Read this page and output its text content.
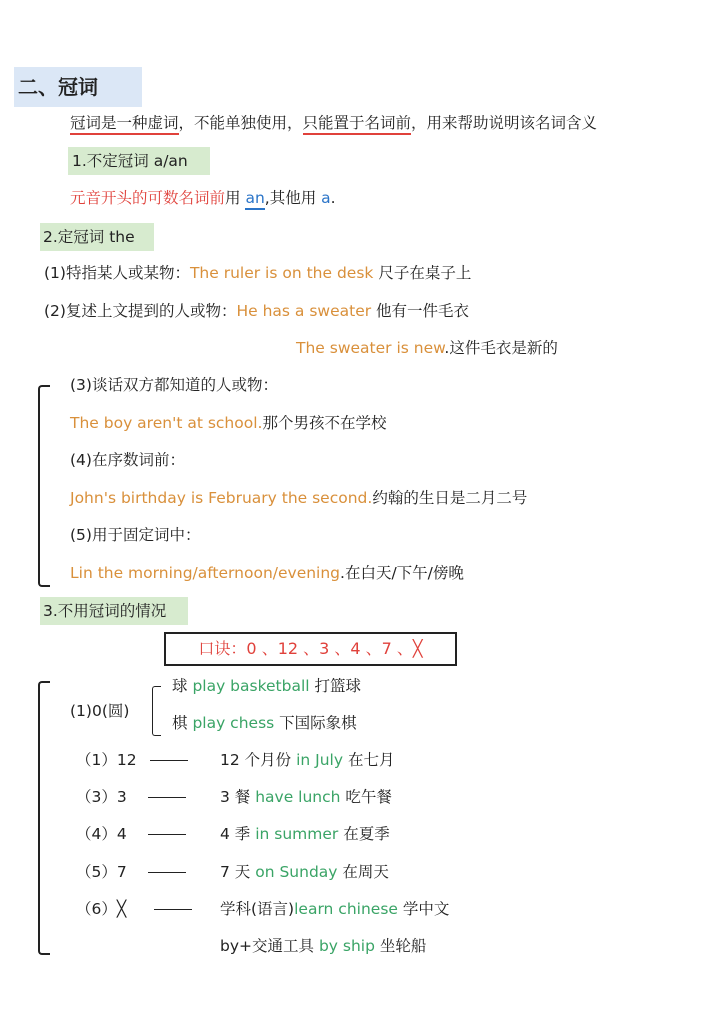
二、冠词
冠词是一种虚词，不能单独使用，只能置于名词前，用来帮助说明该名词含义
1.不定冠词 a/an
元音开头的可数名词前用 an,其他用 a.
2.定冠词 the
(1)特指某人或某物：The ruler is on the desk 尺子在桌子上
(2)复述上文提到的人或物：He has a sweater 他有一件毛衣
The sweater is new.这件毛衣是新的
(3)谈话双方都知道的人或物：
The boy aren't at school.那个男孩不在学校
(4)在序数词前：
John's birthday is February the second.约翰的生日是二月二号
(5)用于固定词中：
Lin the morning/afternoon/evening.在白天/下午/傍晚
3.不用冠词的情况
口诀：0 、12 、3 、4 、7 、╳
(1)0(圆)
球 play basketball 打篮球
棋 play chess 下国际象棋
（1）12	12 个月份 in July 在七月
（3）3	3 餐 have lunch 吃午餐
（4）4	4 季 in summer 在夏季
（5）7	7 天 on Sunday 在周天
（6）╳	学科(语言)learn chinese 学中文
by+交通工具 by ship 坐轮船
